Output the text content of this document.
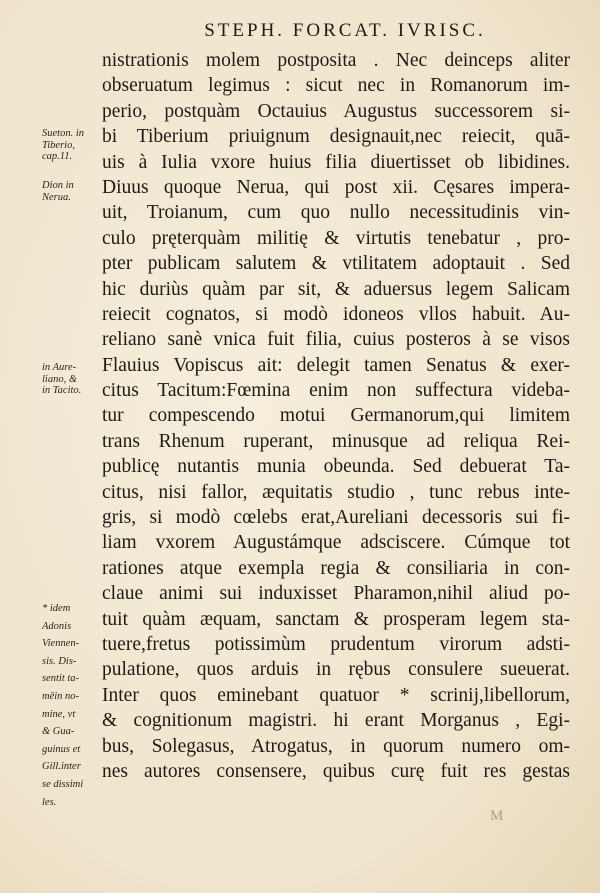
STEPH. FORCAT. IVRISC.
Sueton. in
Tiberio,
cap.11.
Dion in
Nerua.
in Aure-
liano, &
in Tacito.
* idem
Adonis
Viennen-
sis. Dis-
sentit ta-
mēin no-
mine, vt
& Gua-
guinus et
Gill.inter
se dissimi
les.
nistrationis molem postposita . Nec deinceps aliter
obseruatum legimus : sicut nec in Romanorum im-
perio, postquàm Octauius Augustus successorem si-
bi Tiberium priuignum designauit,nec reiecit, quā-
uis à Iulia vxore huius filia diuertisset ob libidines.
Diuus quoque Nerua, qui post xii. Cęsares impera-
uit, Troianum, cum quo nullo necessitudinis vin-
culo pręterquàm militię & virtutis tenebatur , pro-
pter publicam salutem & vtilitatem adoptauit . Sed
hic duriùs quàm par sit, & aduersus legem Salicam
reiecit cognatos, si modò idoneos vllos habuit. Au-
reliano sanè vnica fuit filia, cuius posteros à se visos
Flauius Vopiscus ait: delegit tamen Senatus & exer-
citus Tacitum:Fœmina enim non suffectura videba-
tur compescendo motui Germanorum,qui limitem
trans Rhenum ruperant, minusque ad reliqua Rei-
publicę nutantis munia obeunda. Sed debuerat Ta-
citus, nisi fallor, æquitatis studio , tunc rebus inte-
gris, si modò cœlebs erat,Aureliani decessoris sui fi-
liam vxorem Augustámque adsciscere. Cúmque tot
rationes atque exempla regia & consiliaria in con-
claue animi sui induxisset Pharamon,nihil aliud po-
tuit quàm æquam, sanctam & prosperam legem sta-
tuere,fretus potissimùm prudentum virorum adsti-
pulatione, quos arduis in rębus consulere sueuerat.
Inter quos eminebant quatuor * scrinij,libellorum,
& cognitionum magistri. hi erant Morganus , Egi-
bus, Solegasus, Atrogatus, in quorum numero om-
nes autores consensere, quibus curę fuit res gestas
M
